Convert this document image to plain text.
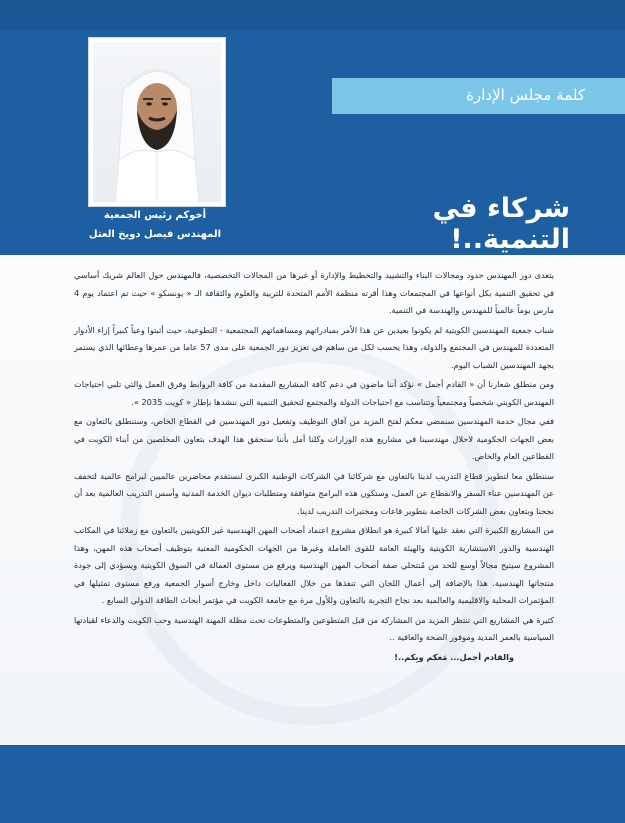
أخوكم رئيس الجمعية
المهندس فيصل دويخ العتل
كلمة مجلس الإدارة
شركاء في التنمية..!

يتعدى دور المهندس حدود ومجالات البناء والتشييد والتخطيط والإدارة أو غيرها من المجالات التخصصية، فالمهندس حول العالم شريك أساسي في تحقيق التنمية بكل أنواعها في المجتمعات وهذا أقرته منظمة الأمم المتحدة للتربية والعلوم والثقافة الـ « يونسكو » حيث تم اعتماد يوم 4 مارس يوماً عالمياً للمهندس والهندسة في التنمية.

شباب جمعية المهندسين الكويتية لم يكونوا بعيدين عن هذا الأمر بمبادراتهم ومساهماتهم المجتمعية - التطوعية، حيث أثبتوا وعياً كبيراً إزاء الأدوار المتعددة للمهندس في المجتمع والدولة، وهذا يحسب لكل من ساهم في تعزيز دور الجمعية على مدى 57 عاما من عمرها وعطائها الذي يستمر بجهد المهندسين الشباب اليوم.

ومن منطلق شعارنا أن « القادم أجمل » نؤكد أننا ماضون في دعم كافة المشاريع المقدمة من كافة الروابط وفرق العمل والتي تلبي احتياجات المهندس الكويتي شخصياً ومجتمعياً وتتناسب مع احتياجات الدولة والمجتمع لتحقيق التنمية التي ننشدها بإطار « كويت 2035 ».

ففي مجال خدمة المهندسين سنمضي معكم لفتح المزيد من آفاق التوظيف وتفعيل دور المهندسين في القطاع الخاص، وسننطلق بالتعاون مع بعض الجهات الحكومية لاحلال مهندسينا في مشاريع هذه الوزارات وكلنا أمل بأننا سنحقق هذا الهدف بتعاون المخلصين من أبناء الكويت في القطاعين العام والخاص.

سننطلق معا لتطوير قطاع التدريب لدينا بالتعاون مع شركائنا في الشركات الوطنية الكبرى لنستقدم محاضرين عالميين لبرامج عالمية لتخفف عن المهندسين عناء السفر والانقطاع عن العمل، وستكون هذه البرامج متوافقة ومتطلبات ديوان الخدمة المدنية وأسس التدريب العالمية بعد أن نجحنا وبتعاون بعض الشركات الخاصة بتطوير قاعات ومختبرات التدريب لدينا.

من المشاريع الكبيرة التي نعقد عليها آمالا كبيرة هو انطلاق مشروع اعتماد أصحاب المهن الهندسية غير الكويتيين بالتعاون مع زملائنا في المكاتب الهندسية والدور الاستشارية الكويتية والهيئة العامة للقوى العاملة وغيرها من الجهات الحكومية المعنية بتوظيف أصحاب هذه المهن، وهذا المشروع سيتيح مجالاً أوسع للحد من مُنتحلي صفة أصحاب المهن الهندسية ويرفع من مستوى العمالة في السوق الكويتية ويسؤدي إلى جودة منتجاتها الهندسية. هذا بالإضافة إلى أعمال اللجان التي تنفذها من خلال الفعاليات داخل وخارج أسوار الجمعية ورفع مستوى تمثيلها في المؤتمرات المحلية والاقليمية والعالمية بعد نجاح التجربة بالتعاون وللأول مرة مع جامعة الكويت في مؤتمر أبحاث الطاقة الدولي السابع .

كثيرة هي المشاريع التي تنتظر المزيد من المشاركة من قبل المتطوعين والمتطوعات تحت مظلة المهنة الهندسية وحب الكويت والدعاء لقيادتها السياسية بالعمر المديد وموفور الصحة والعافية ..

والقادم أجمل... مَعكم وبِكم..!
